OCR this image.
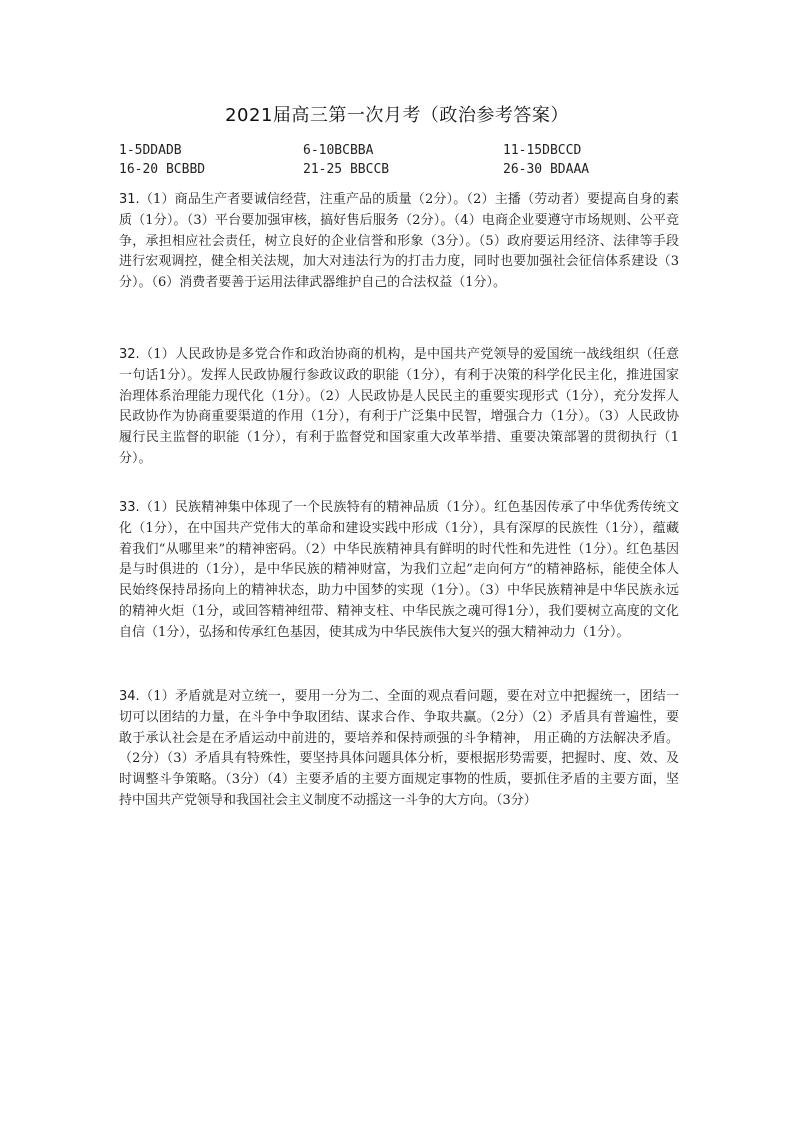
2021届高三第一次月考（政治参考答案）
1-5DDADB	6-10BCBBA	11-15DBCCD
16-20 BCBBD	21-25 BBCCB	26-30 BDAAA
31.（1）商品生产者要诚信经营，注重产品的质量（2分）。（2）主播（劳动者）要提高自身的素质（1分）。（3）平台要加强审核，搞好售后服务（2分）。（4）电商企业要遵守市场规则、公平竞争，承担相应社会责任，树立良好的企业信誉和形象（3分）。（5）政府要运用经济、法律等手段进行宏观调控，健全相关法规，加大对违法行为的打击力度，同时也要加强社会征信体系建设（3分）。（6）消费者要善于运用法律武器维护自己的合法权益（1分）。
32.（1）人民政协是多党合作和政治协商的机构，是中国共产党领导的爱国统一战线组织（任意一句话1分）。发挥人民政协履行参政议政的职能（1分），有利于决策的科学化民主化，推进国家治理体系治理能力现代化（1分）。（2）人民政协是人民民主的重要实现形式（1分），充分发挥人民政协作为协商重要渠道的作用（1分），有利于广泛集中民智，增强合力（1分）。（3）人民政协履行民主监督的职能（1分），有利于监督党和国家重大改革举措、重要决策部署的贯彻执行（1分）。
33.（1）民族精神集中体现了一个民族特有的精神品质（1分）。红色基因传承了中华优秀传统文化（1分），在中国共产党伟大的革命和建设实践中形成（1分），具有深厚的民族性（1分），蕴藏着我们“从哪里来”的精神密码。（2）中华民族精神具有鲜明的时代性和先进性（1分）。红色基因是与时俱进的（1分），是中华民族的精神财富，为我们立起”走向何方“的精神路标，能使全体人民始终保持昂扬向上的精神状态，助力中国梦的实现（1分）。（3）中华民族精神是中华民族永远的精神火炬（1分，或回答精神纽带、精神支柱、中华民族之魂可得1分），我们要树立高度的文化自信（1分），弘扬和传承红色基因，使其成为中华民族伟大复兴的强大精神动力（1分）。
34.（1）矛盾就是对立统一，要用一分为二、全面的观点看问题，要在对立中把握统一，团结一切可以团结的力量，在斗争中争取团结、谋求合作、争取共赢。（2分）（2）矛盾具有普遍性，要敢于承认社会是在矛盾运动中前进的，要培养和保持顽强的斗争精神， 用正确的方法解决矛盾。（2分）（3）矛盾具有特殊性，要坚持具体问题具体分析，要根据形势需要，把握时、度、效、及时调整斗争策略。（3分）（4）主要矛盾的主要方面规定事物的性质，要抓住矛盾的主要方面，坚持中国共产党领导和我国社会主义制度不动摇这一斗争的大方向。（3分）
